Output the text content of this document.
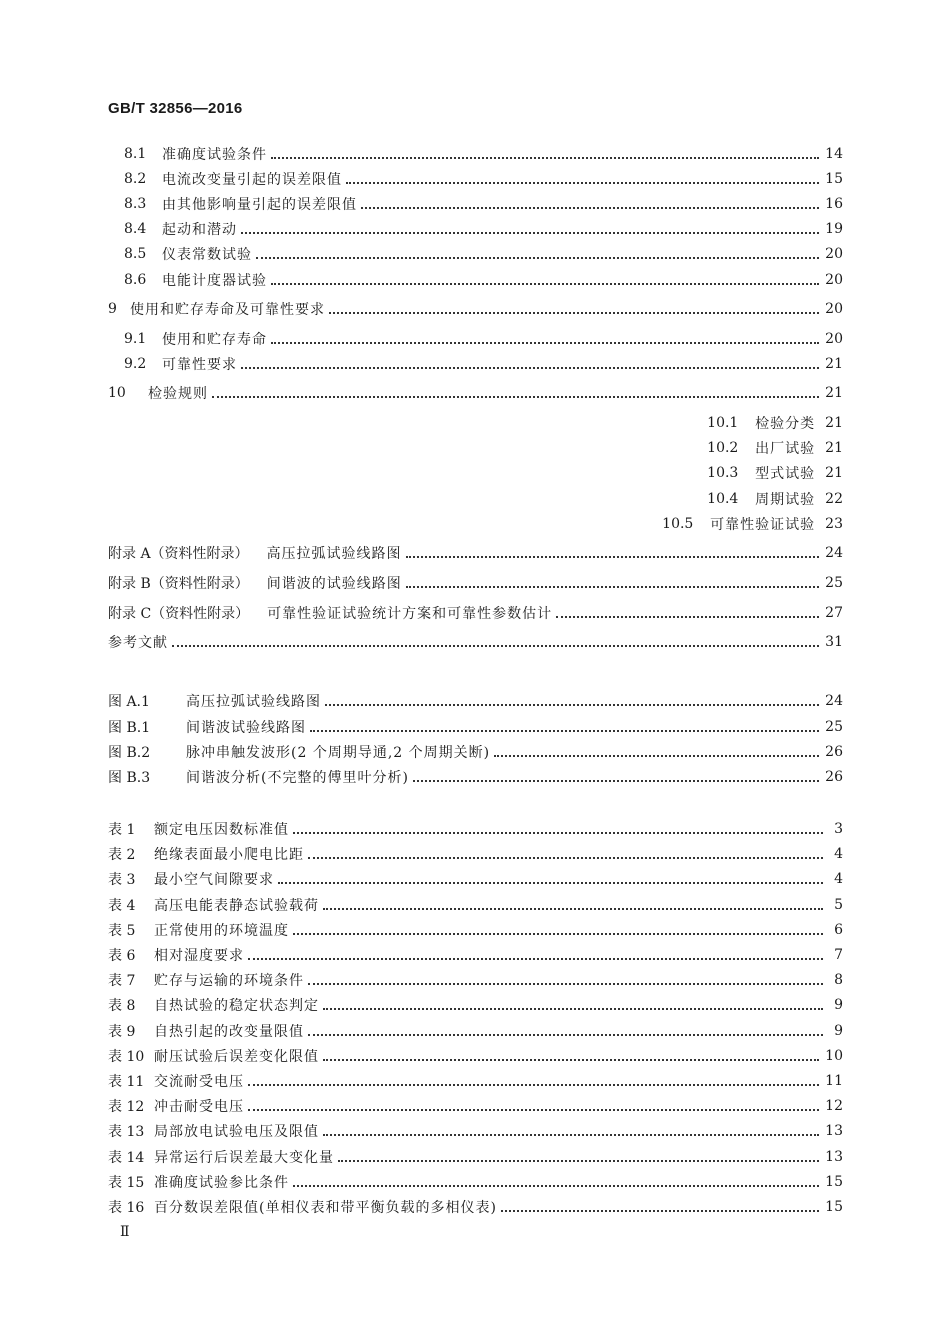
GB/T 32856—2016
8.1	准确度试验条件	14
8.2	电流改变量引起的误差限值	15
8.3	由其他影响量引起的误差限值	16
8.4	起动和潜动	19
8.5	仪表常数试验	20
8.6	电能计度器试验	20
9 使用和贮存寿命及可靠性要求	20
9.1	使用和贮存寿命	20
9.2	可靠性要求	21
10	检验规则	21
10.1	检验分类 21
10.2	出厂试验 21
10.3	型式试验 21
10.4	周期试验 22
10.5	可靠性验证试验 23
附录 A（资料性附录） 高压拉弧试验线路图	24
附录 B（资料性附录） 间谐波的试验线路图	25
附录 C（资料性附录） 可靠性验证试验统计方案和可靠性参数估计	27
参考文献	31
图 A.1	高压拉弧试验线路图	24
图 B.1	间谐波试验线路图	25
图 B.2	脉冲串触发波形(2 个周期导通,2 个周期关断)	26
图 B.3	间谐波分析(不完整的傅里叶分析)	26
表 1	额定电压因数标准值	3
表 2	绝缘表面最小爬电比距	4
表 3	最小空气间隙要求	4
表 4	高压电能表静态试验载荷	5
表 5	正常使用的环境温度	6
表 6	相对湿度要求	7
表 7	贮存与运输的环境条件	8
表 8	自热试验的稳定状态判定	9
表 9	自热引起的改变量限值	9
表 10 耐压试验后误差变化限值	10
表 11 交流耐受电压	11
表 12 冲击耐受电压	12
表 13 局部放电试验电压及限值	13
表 14 异常运行后误差最大变化量	13
表 15 准确度试验参比条件	15
表 16 百分数误差限值(单相仪表和带平衡负载的多相仪表)	15
Ⅱ
